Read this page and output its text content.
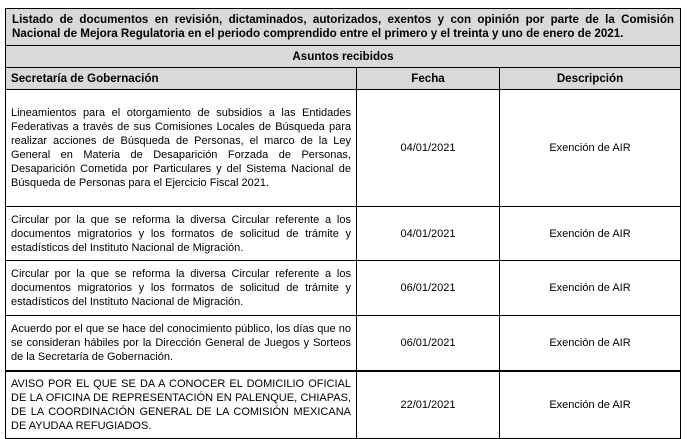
Listado de documentos en revisión, dictaminados, autorizados, exentos y con opinión por parte de la Comisión Nacional de Mejora Regulatoria en el periodo comprendido entre el primero y el treinta y uno de enero de 2021.		
Asuntos recibidos		
Secretaría de Gobernación	Fecha	Descripción
Lineamientos para el otorgamiento de subsidios a las Entidades Federativas a través de sus Comisiones Locales de Búsqueda para realizar acciones de Búsqueda de Personas, el marco de la Ley General en Materia de Desaparición Forzada de Personas, Desaparición Cometida por Particulares y del Sistema Nacional de Búsqueda de Personas para el Ejercicio Fiscal 2021.	04/01/2021	Exención de AIR
Circular por la que se reforma la diversa Circular referente a los documentos migratorios y los formatos de solicitud de trámite y estadísticos del Instituto Nacional de Migración.	04/01/2021	Exención de AIR
Circular por la que se reforma la diversa Circular referente a los documentos migratorios y los formatos de solicitud de trámite y estadísticos del Instituto Nacional de Migración.	06/01/2021	Exención de AIR
Acuerdo por el que se hace del conocimiento público, los días que no se consideran hábiles por la Dirección General de Juegos y Sorteos de la Secretaría de Gobernación.	06/01/2021	Exención de AIR
AVISO POR EL QUE SE DA A CONOCER EL DOMICILIO OFICIAL DE LA OFICINA DE REPRESENTACIÓN EN PALENQUE, CHIAPAS, DE LA COORDINACIÓN GENERAL DE LA COMISIÓN MEXICANA DE AYUDAA REFUGIADOS.	22/01/2021	Exención de AIR
